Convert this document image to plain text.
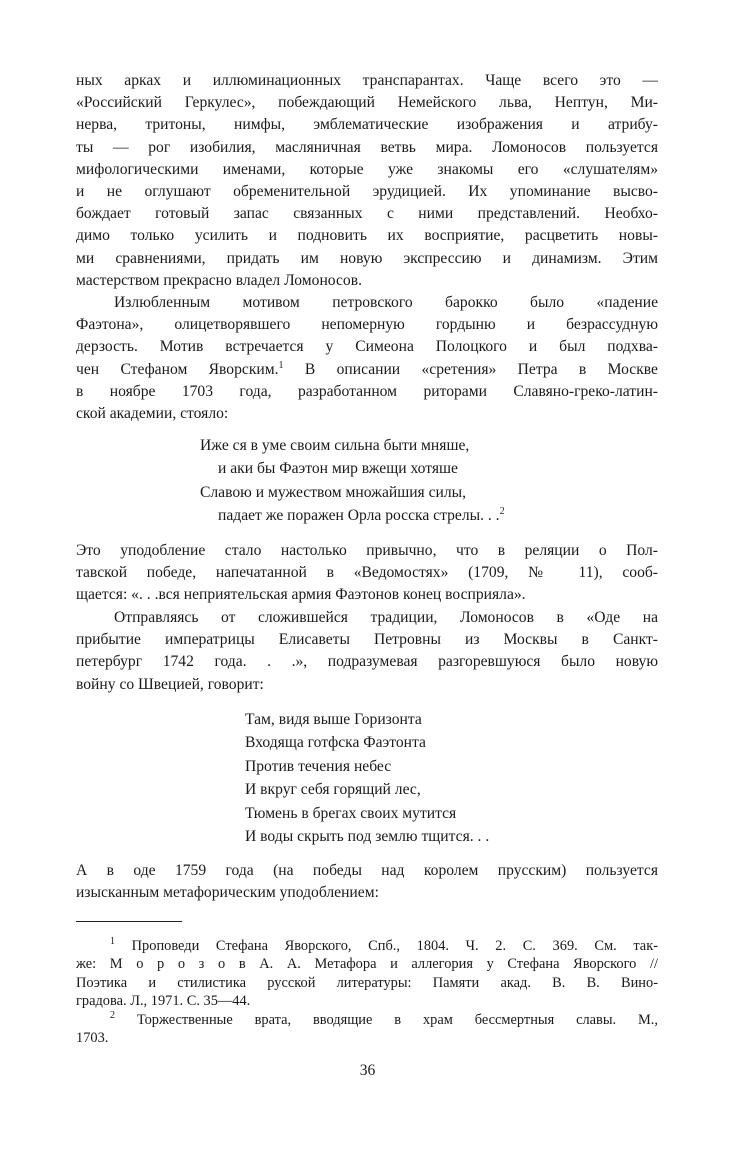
ных арках и иллюминационных транспарантах. Чаще всего это —

«Российский Геркулес», побеждающий Немейского льва, Нептун, Ми-

нерва, тритоны, нимфы, эмблематические изображения и атрибу-

ты — рог изобилия, масляничная ветвь мира. Ломоносов пользуется

мифологическими именами, которые уже знакомы его «слушателям»

и не оглушают обременительной эрудицией. Их упоминание высво-

бождает готовый запас связанных с ними представлений. Необхо-

димо только усилить и подновить их восприятие, расцветить новы-

ми сравнениями, придать им новую экспрессию и динамизм. Этим

мастерством прекрасно владел Ломоносов.

Излюбленным мотивом петровского барокко было «падение

Фаэтона», олицетворявшего непомерную гордыню и безрассудную

дерзость. Мотив встречается у Симеона Полоцкого и был подхва-

чен Стефаном Яворским.$^1$ В описании «сретения» Петра в Москве

в ноябре 1703 года, разработанном риторами Славяно-греко-латин-

ской академии, стояло:

Иже ся в уме своим сильна быти мняше,
и аки бы Фаэтон мир вжещи хотяше
Славою и мужеством множайшия силы,
падает же поражен Орла росска стрелы. . .$^2$

Это уподобление стало настолько привычно, что в реляции о Пол-

тавской победе, напечатанной в «Ведомостях» (1709, № 11), сооб-

щается: «. . .вся неприятельская армия Фаэтонов конец восприяла».

Отправляясь от сложившейся традиции, Ломоносов в «Оде на

прибытие императрицы Елисаветы Петровны из Москвы в Санкт-

петербург 1742 года. . .», подразумевая разгоревшуюся было новую

войну со Швецией, говорит:

Там, видя выше Горизонта
Входяща готфска Фаэтонта
Против течения небес
И вкруг себя горящий лес,
Тюмень в брегах своих мутится
И воды скрыть под землю тщится. . .

А в оде 1759 года (на победы над королем прусским) пользуется

изысканным метафорическим уподоблением:

$^1$ Проповеди Стефана Яворского, Спб., 1804. Ч. 2. С. 369. См. так-

же: М о р о з о в А. А. Метафора и аллегория у Стефана Яворского //

Поэтика и стилистика русской литературы: Памяти акад. В. В. Вино-

градова. Л., 1971. С. 35—44.

$^2$ Торжественные врата, вводящие в храм бессмертныя славы. М.,

1703.

36
